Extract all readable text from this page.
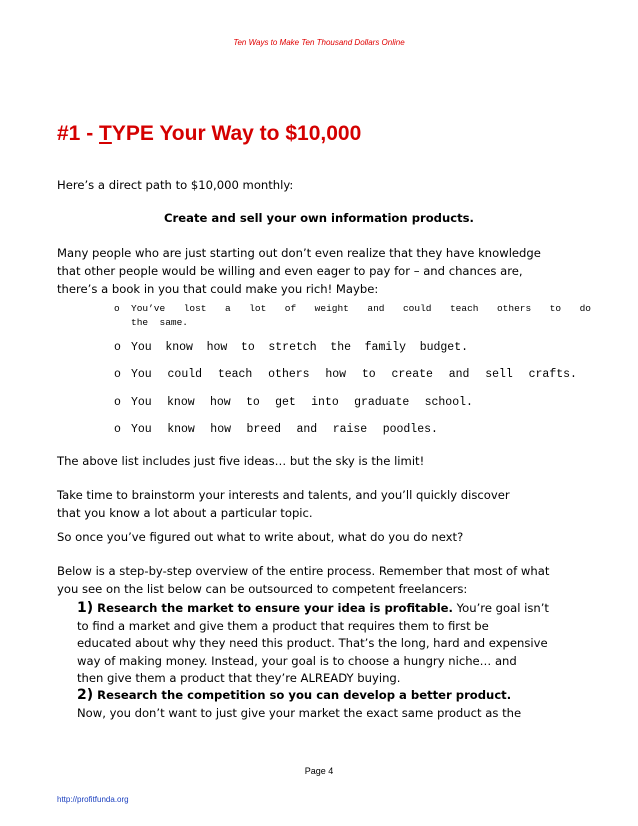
Ten Ways to Make Ten Thousand Dollars Online
#1 - TYPE Your Way to $10,000
Here’s a direct path to $10,000 monthly:
Create and sell your own information products.
Many people who are just starting out don’t even realize that they have knowledge
that other people would be willing and even eager to pay for – and chances are,
there’s a book in you that could make you rich! Maybe:
o You’ve lost a lot of weight and could teach others to do
the  same.
o You know how to stretch the family budget.
o You could teach others how to create and sell crafts.
o You know how to get into graduate school.
o You know how breed and raise poodles.
The above list includes just five ideas… but the sky is the limit!
Take time to brainstorm your interests and talents, and you’ll quickly discover
that you know a lot about a particular topic.
So once you’ve figured out what to write about, what do you do next?
Below is a step-by-step overview of the entire process. Remember that most of what
you see on the list below can be outsourced to competent freelancers:
1) Research the market to ensure your idea is profitable. You’re goal isn’t
to find a market and give them a product that requires them to first be
educated about why they need this product. That’s the long, hard and expensive
way of making money. Instead, your goal is to choose a hungry niche… and
then give them a product that they’re ALREADY buying.
2) Research the competition so you can develop a better product.
Now, you don’t want to just give your market the exact same product as the
Page 4
http://profitfunda.org
